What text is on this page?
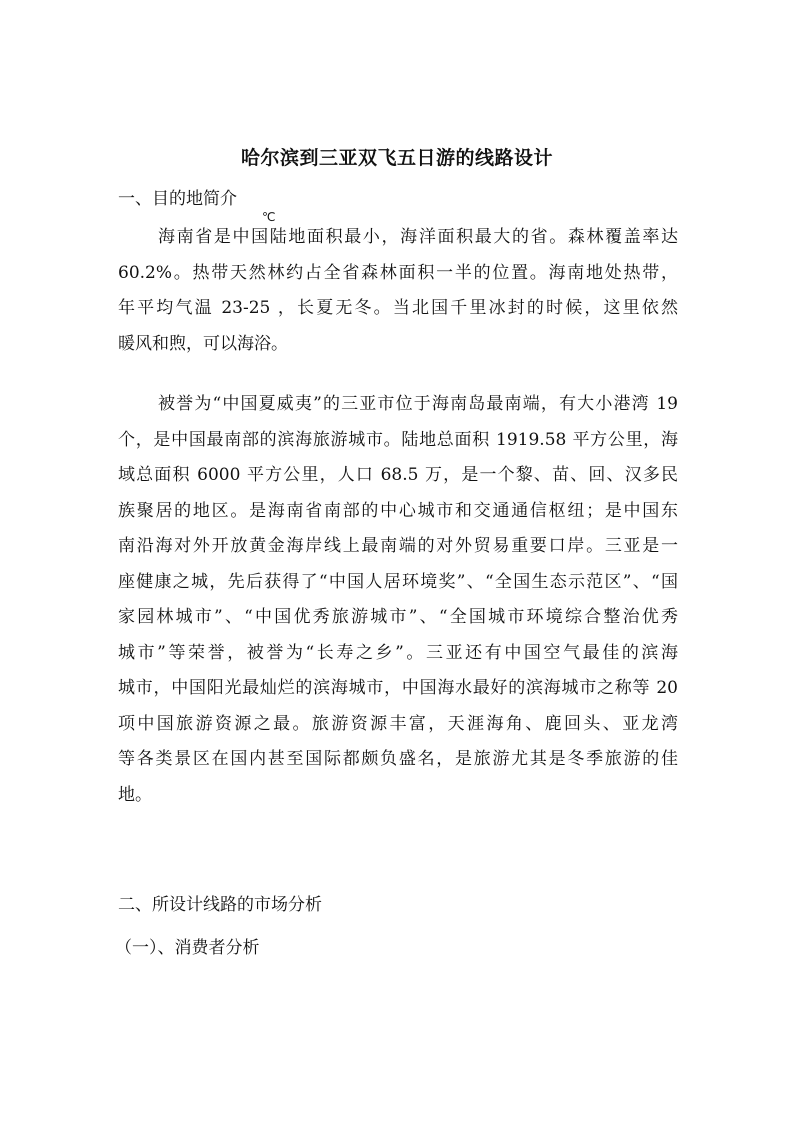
哈尔滨到三亚双飞五日游的线路设计
一、目的地简介
℃
海南省是中国陆地面积最小，海洋面积最大的省。森林覆盖率达
60.2%。热带天然林约占全省森林面积一半的位置。海南地处热带，
年平均气温 23-25 ，长夏无冬。当北国千里冰封的时候，这里依然
暖风和煦，可以海浴。
被誉为“中国夏威夷”的三亚市位于海南岛最南端，有大小港湾 19
个，是中国最南部的滨海旅游城市。陆地总面积 1919.58 平方公里，海
域总面积 6000 平方公里，人口 68.5 万，是一个黎、苗、回、汉多民
族聚居的地区。是海南省南部的中心城市和交通通信枢纽；是中国东
南沿海对外开放黄金海岸线上最南端的对外贸易重要口岸。三亚是一
座健康之城，先后获得了“中国人居环境奖”、“全国生态示范区”、“国
家园林城市”、“中国优秀旅游城市”、“全国城市环境综合整治优秀
城市”等荣誉，被誉为“长寿之乡”。三亚还有中国空气最佳的滨海
城市，中国阳光最灿烂的滨海城市，中国海水最好的滨海城市之称等 20
项中国旅游资源之最。旅游资源丰富，天涯海角、鹿回头、亚龙湾
等各类景区在国内甚至国际都颇负盛名，是旅游尤其是冬季旅游的佳
地。
二、所设计线路的市场分析
（一）、消费者分析
